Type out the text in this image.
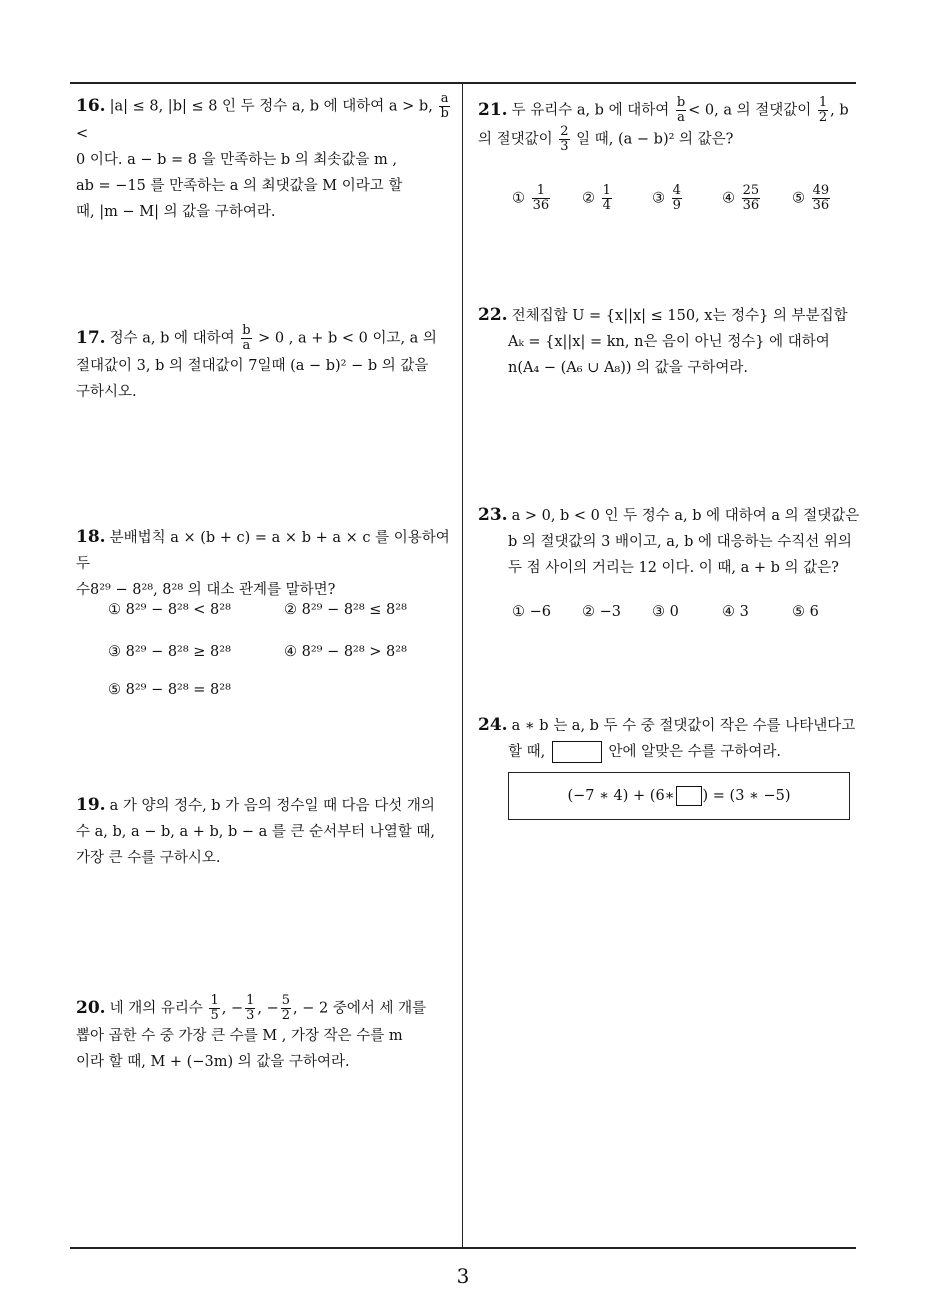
16. |a| ≤ 8, |b| ≤ 8 인 두 정수 a, b 에 대하여 a > b, $\frac{a}{b}$
<

0 이다. a − b = 8 을 만족하는 b 의 최솟값을 m ,

ab = −15 를 만족하는 a 의 최댓값을 M 이라고 할

때, |m − M| 의 값을 구하여라.

17. 정수 a, b 에 대하여 $\frac{b}{a} > 0$ , a + b < 0 이고, a 의

절대값이 3, b 의 절대값이 7일때 (a − b)² − b 의 값을

구하시오.

18. 분배법칙 a × (b + c) = a × b + a × c 를 이용하여 두

수8²⁹ − 8²⁸, 8²⁸ 의 대소 관계를 말하면?

① 8²⁹ − 8²⁸ < 8²⁸	② 8²⁹ − 8²⁸ ≤ 8²⁸
③ 8²⁹ − 8²⁸ ≥ 8²⁸	④ 8²⁹ − 8²⁸ > 8²⁸
⑤ 8²⁹ − 8²⁸ = 8²⁸

19. a 가 양의 정수, b 가 음의 정수일 때 다음 다섯 개의

수 a, b, a − b, a + b, b − a 를 큰 순서부터 나열할 때,

가장 큰 수를 구하시오.

20. 네 개의 유리수 $\frac{1}{5}$ , − $\frac{1}{3}$ , − $\frac{5}{2}$ , − 2 중에서 세 개를

뽑아 곱한 수 중 가장 큰 수를 M , 가장 작은 수를 m

이라 할 때, M + (−3m) 의 값을 구하여라.

21. 두 유리수 a, b 에 대하여 $\frac{b}{a} < 0$, a 의 절댓값이 $\frac{1}{2}$ , b

의 절댓값이 $\frac{2}{3}$ 일 때, (a − b)² 의 값은?

① $\frac{1}{36}$ ② $\frac{1}{4}$	③ $\frac{4}{9}$	④ $\frac{25}{36}$ ⑤ $\frac{49}{36}$

22. 전체집합 U = {x||x| ≤ 150, x는 정수} 의 부분집합

Aₖ = {x||x| = kn, n은 음이 아닌 정수} 에 대하여

n(A₄ − (A₆ ∪ A₈)) 의 값을 구하여라.

23. a > 0, b < 0 인 두 정수 a, b 에 대하여 a 의 절댓값은

b 의 절댓값의 3 배이고, a, b 에 대응하는 수직선 위의

두 점 사이의 거리는 12 이다. 이 때, a + b 의 값은?

① −6 ② −3 ③ 0	④ 3	⑤ 6

24. a ∗ b 는 a, b 두 수 중 절댓값이 작은 수를 나타낸다고

할 때,	안에 알맞은 수를 구하여라.

(−7 ∗ 4) + (6∗ ) = (3 ∗ −5)
3
